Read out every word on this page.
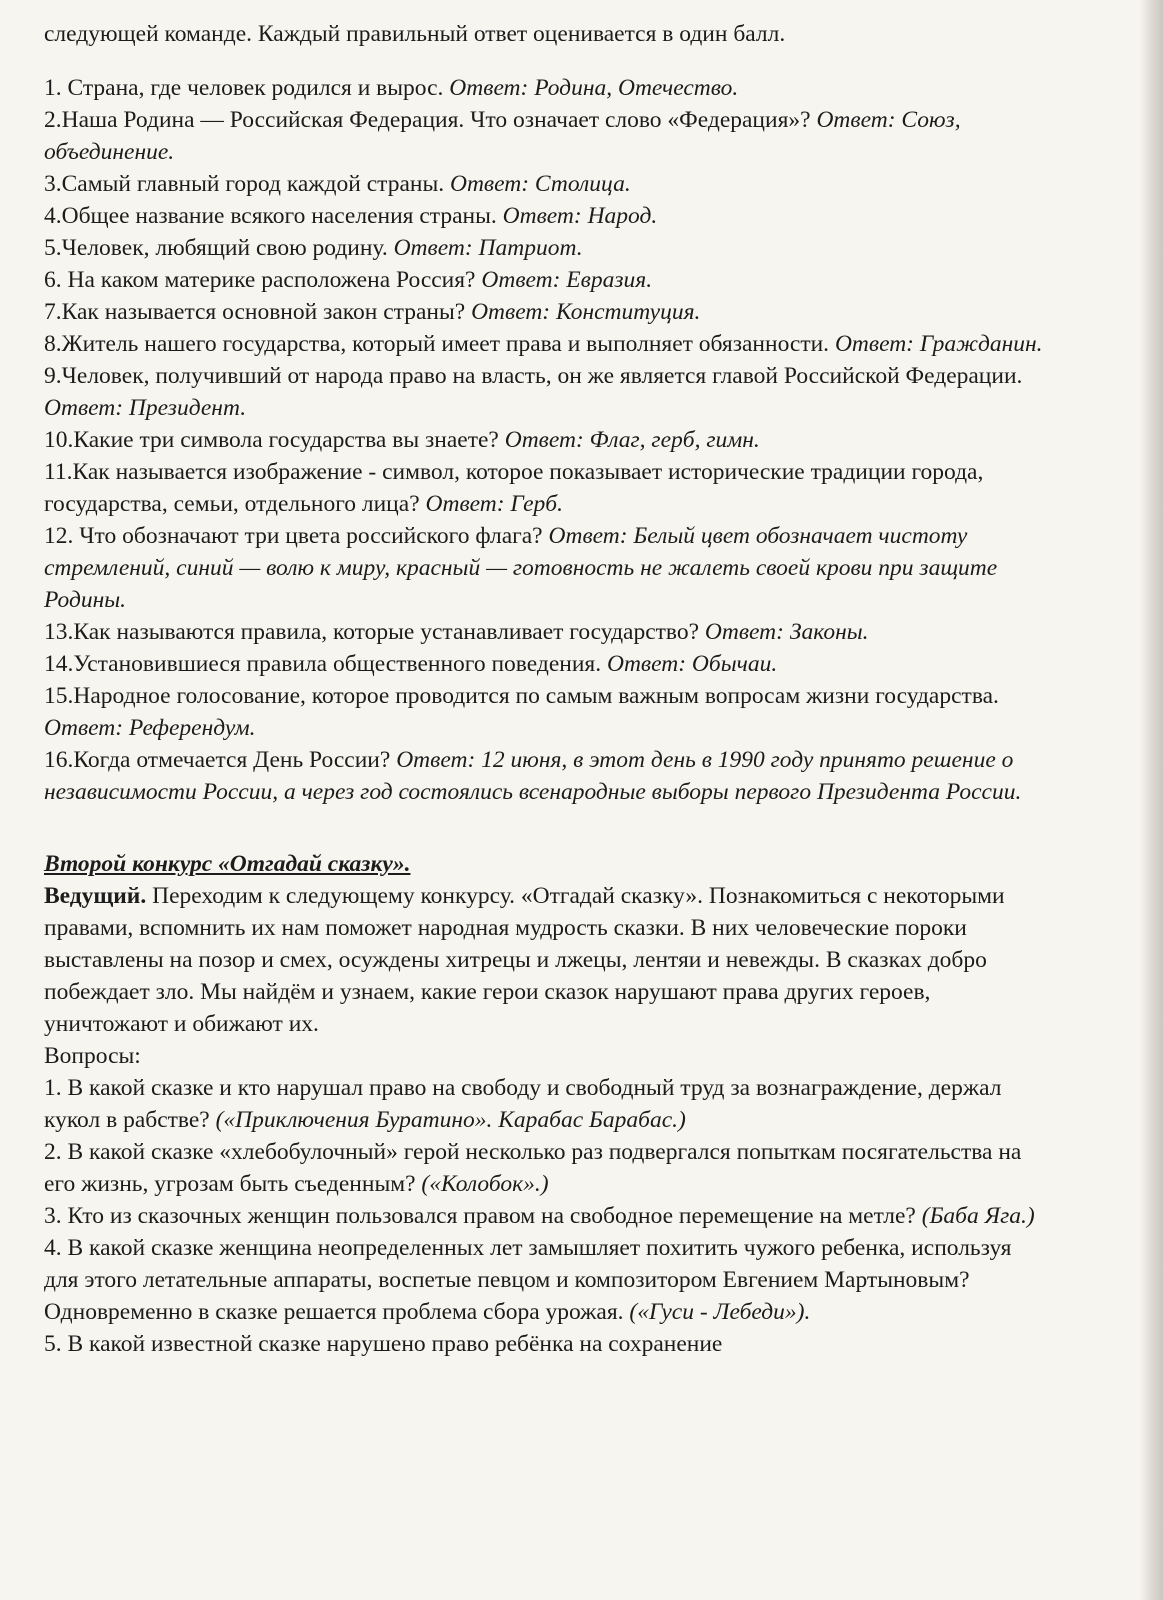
следующей команде. Каждый правильный ответ оценивается в один балл.

1. Страна, где человек родился и вырос. Ответ: Родина, Отечество.

2.Наша Родина — Российская Федерация. Что означает слово «Федерация»? Ответ: Союз, объединение.

3.Самый главный город каждой страны. Ответ: Столица.

4.Общее название всякого населения страны. Ответ: Народ.

5.Человек, любящий свою родину. Ответ: Патриот.

6. На каком материке расположена Россия? Ответ: Евразия.

7.Как называется основной закон страны? Ответ: Конституция.

8.Житель нашего государства, который имеет права и выполняет обязанности. Ответ: Гражданин.

9.Человек, получивший от народа право на власть, он же является главой Российской Федерации. Ответ: Президент.

10.Какие три символа государства вы знаете? Ответ: Флаг, герб, гимн.

11.Как называется изображение - символ, которое показывает исторические традиции города, государства, семьи, отдельного лица? Ответ: Герб.

12. Что обозначают три цвета российского флага? Ответ: Белый цвет обозначает чистоту стремлений, синий — волю к миру, красный — готовность не жалеть своей крови при защите Родины.

13.Как называются правила, которые устанавливает государство? Ответ: Законы.

14.Установившиеся правила общественного поведения. Ответ: Обычаи.

15.Народное голосование, которое проводится по самым важным вопросам жизни государства. Ответ: Референдум.

16.Когда отмечается День России? Ответ: 12 июня, в этот день в 1990 году принято решение о независимости России, а через год состоялись всенародные выборы первого Президента России.

Второй конкурс «Отгадай сказку».

Ведущий. Переходим к следующему конкурсу. «Отгадай сказку». Познакомиться с некоторыми правами, вспомнить их нам поможет народная мудрость сказки. В них человеческие пороки выставлены на позор и смех, осуждены хитрецы и лжецы, лентяи и невежды. В сказках добро побеждает зло. Мы найдём и узнаем, какие герои сказок нарушают права других героев, уничтожают и обижают их.

Вопросы:

1. В какой сказке и кто нарушал право на свободу и свободный труд за вознаграждение, держал кукол в рабстве? («Приключения Буратино». Карабас Барабас.)

2. В какой сказке «хлебобулочный» герой несколько раз подвергался попыткам посягательства на его жизнь, угрозам быть съеденным? («Колобок».)

3. Кто из сказочных женщин пользовался правом на свободное перемещение на метле? (Баба Яга.)

4. В какой сказке женщина неопределенных лет замышляет похитить чужого ребенка, используя для этого летательные аппараты, воспетые певцом и композитором Евгением Мартыновым? Одновременно в сказке решается проблема сбора урожая. («Гуси - Лебеди»).

5. В какой известной сказке нарушено право ребёнка на сохранение
